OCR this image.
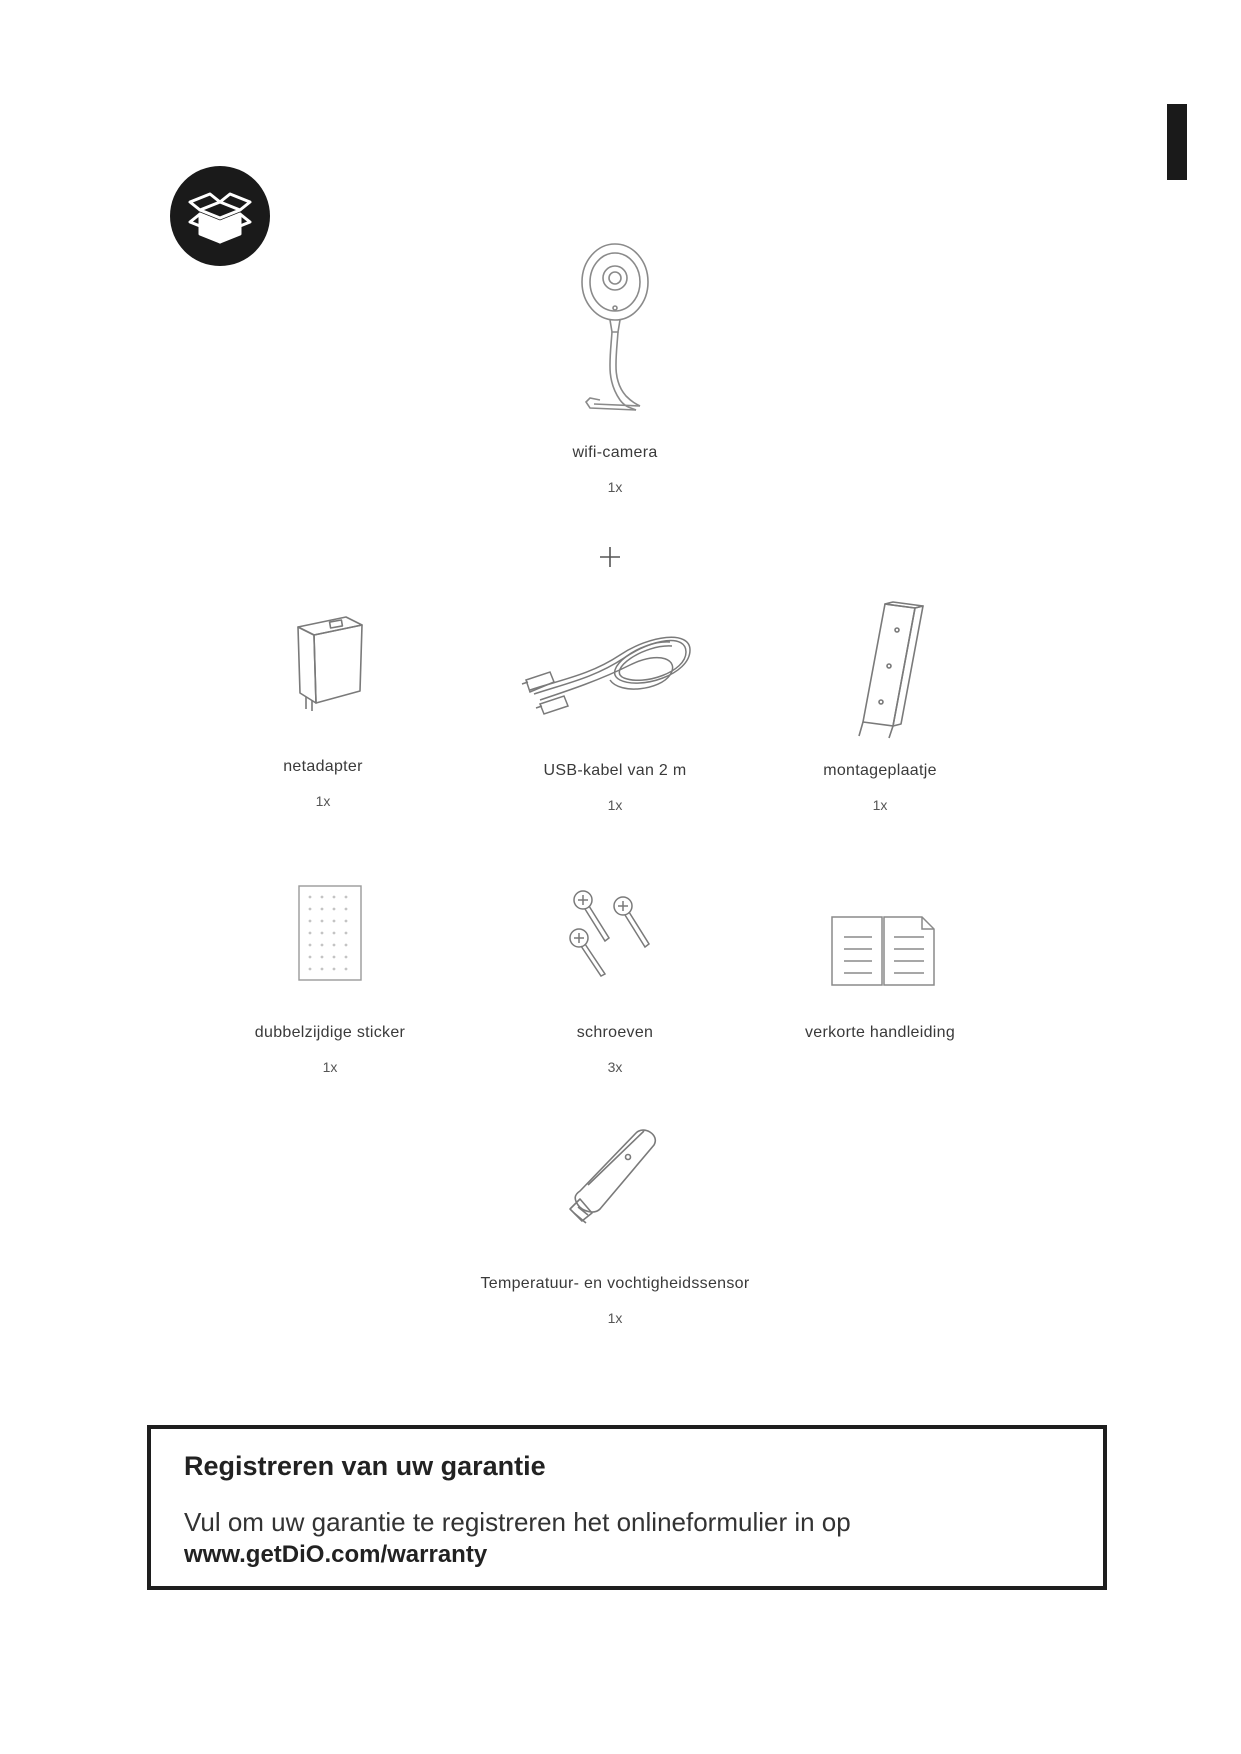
wifi-camera
1x
netadapter
1x
USB-kabel van 2 m
1x
montageplaatje
1x
dubbelzijdige sticker
1x
schroeven
3x
verkorte handleiding
Temperatuur- en vochtigheidssensor
1x
Registreren van uw garantie
Vul om uw garantie te registreren het onlineformulier in op
www.getDiO.com/warranty
